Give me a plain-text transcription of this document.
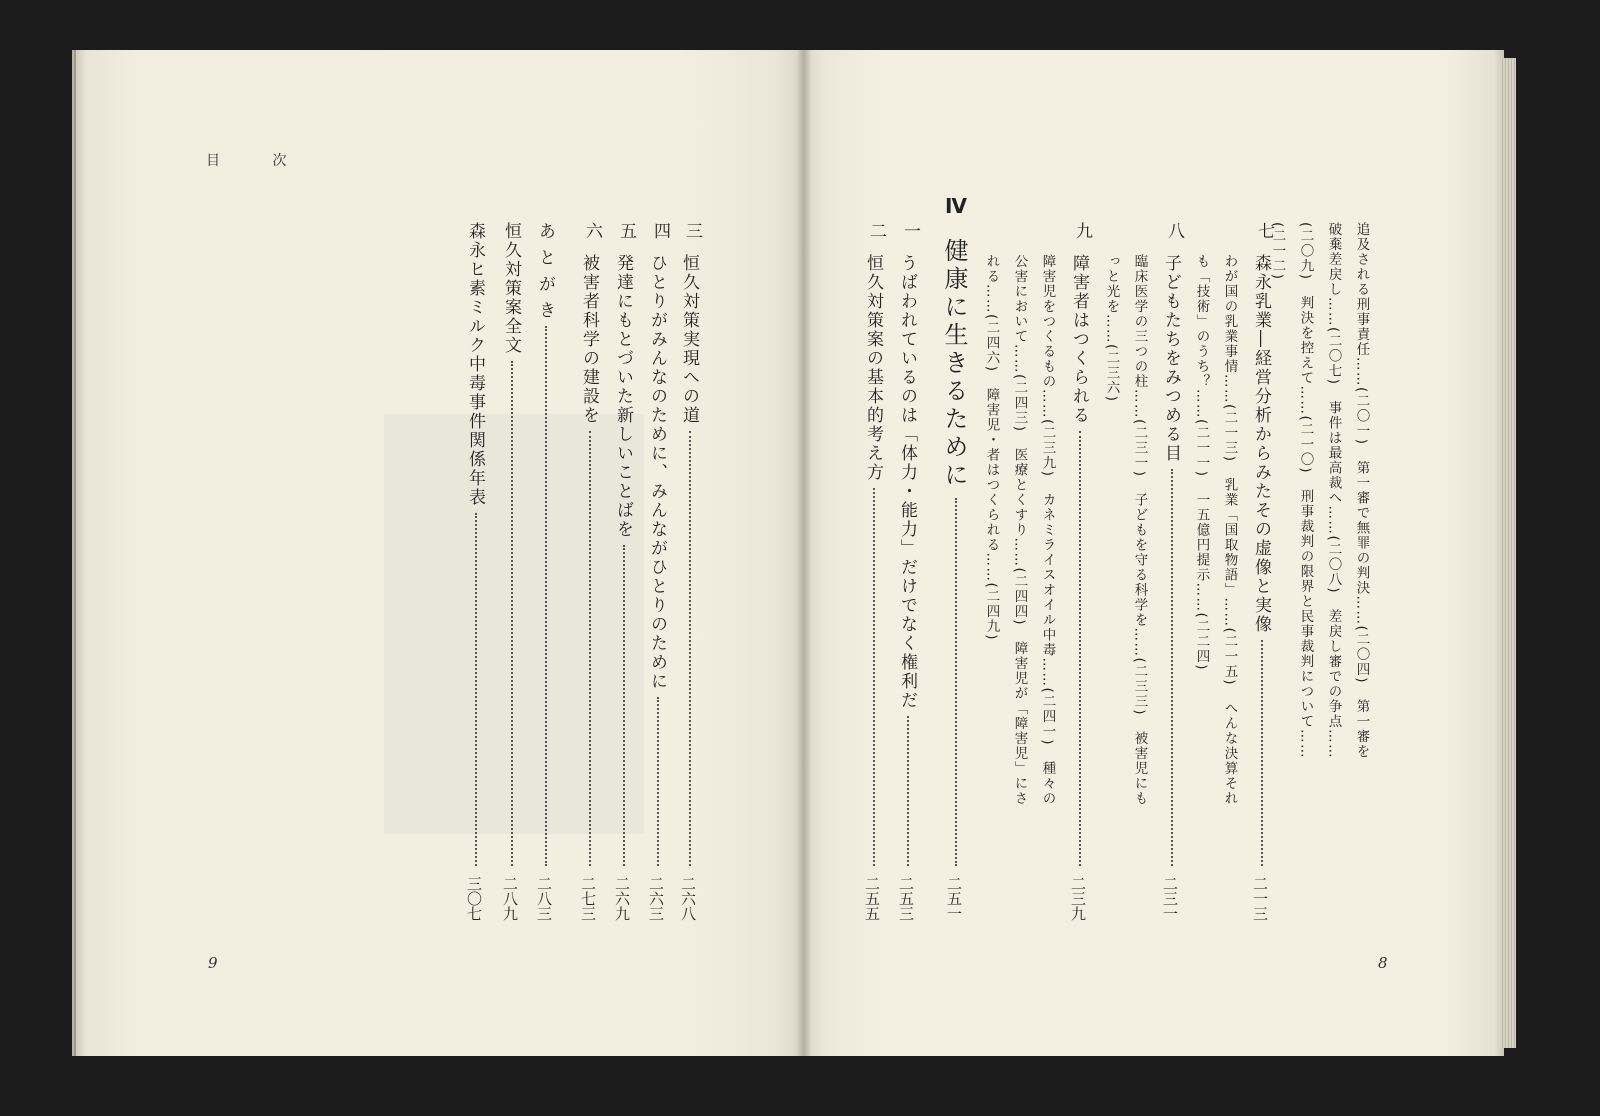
目 次
9	8
三
恒久対策実現への道
二六八
四
ひとりがみんなのために、みんながひとりのために
二六三
五
発達にもとづいた新しいことばを
二六九
六
被害者科学の建設を
二七三
あ と が き
二八三
恒久対策案全文
二八九
森永ヒ素ミルク中毒事件関係年表
三〇七
追及される刑事責任……(二〇一)　第一審で無罪の判決……(二〇四)　第一審を
破棄差戻し……(二〇七)　事件は最高裁へ……(二〇八)　差戻し審での争点……
(二〇九)　判決を控えて……(二一〇)　刑事裁判の限界と民事裁判について……
(二一二)
七
森永乳業―経営分析からみたその虚像と実像
二一三
わが国の乳業事情……(二一三)　乳業「国取物語」……(二一五)　へんな決算それ
も「技術」のうち？……(二一一)　一五億円提示……(二二四)
八
子どもたちをみつめる目
二三一
臨床医学の三つの柱……(二三一)　子どもを守る科学を……(二三三)　被害児にも
っと光を……(二三六)
九
障害者はつくられる
二三九
障害児をつくるもの……(二三九)　カネミライスオイル中毒……(二四一)　種々の
公害において……(二四三)　医療とくすり……(二四四)　障害児が「障害児」にさ
れる……(二四六)　障害児・者はつくられる……(二四九)
Ⅳ
健康に生きるために
二五一
一
うばわれているのは「体力・能力」だけでなく権利だ
二五三
二
恒久対策案の基本的考え方
二五五
